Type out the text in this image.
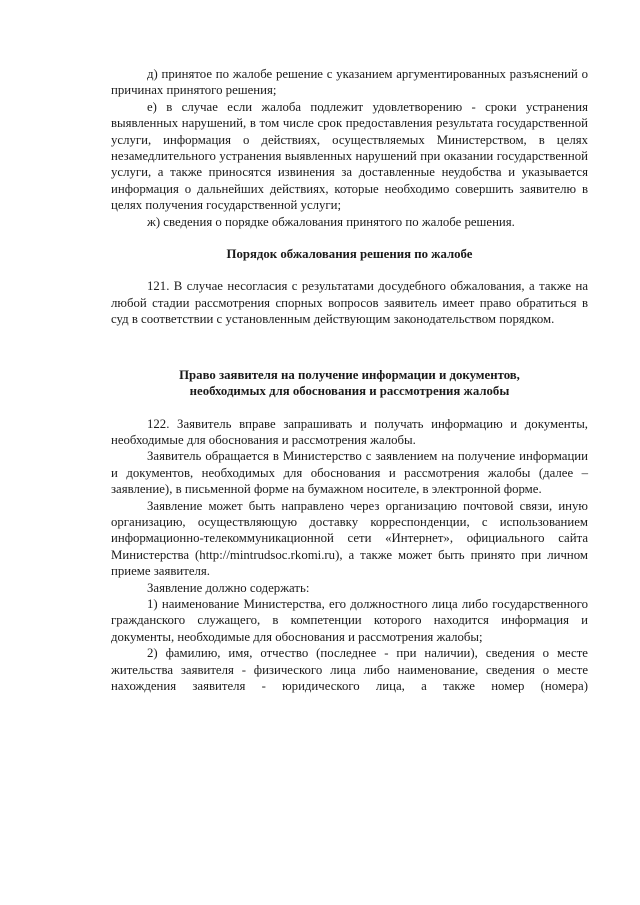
д) принятое по жалобе решение с указанием аргументированных разъяснений о причинах принятого решения;

е) в случае если жалоба подлежит удовлетворению - сроки устранения выявленных нарушений, в том числе срок предоставления результата государственной услуги, информация о действиях, осуществляемых Министерством, в целях незамедлительного устранения выявленных нарушений при оказании государственной услуги, а также приносятся извинения за доставленные неудобства и указывается информация о дальнейших действиях, которые необходимо совершить заявителю в целях получения государственной услуги;

ж) сведения о порядке обжалования принятого по жалобе решения.

Порядок обжалования решения по жалобе

121. В случае несогласия с результатами досудебного обжалования, а также на любой стадии рассмотрения спорных вопросов заявитель имеет право обратиться в суд в соответствии с установленным действующим законодательством порядком.

Право заявителя на получение информации и документов,

необходимых для обоснования и рассмотрения жалобы

122. Заявитель вправе запрашивать и получать информацию и документы, необходимые для обоснования и рассмотрения жалобы.

Заявитель обращается в Министерство с заявлением на получение информации и документов, необходимых для обоснования и рассмотрения жалобы (далее – заявление), в письменной форме на бумажном носителе, в электронной форме.

Заявление может быть направлено через организацию почтовой связи, иную организацию, осуществляющую доставку корреспонденции, с использованием информационно-телекоммуникационной сети «Интернет», официального сайта Министерства (http://mintrudsoc.rkomi.ru), а также может быть принято при личном приеме заявителя.

Заявление должно содержать:

1) наименование Министерства, его должностного лица либо государственного гражданского служащего, в компетенции которого находится информация и документы, необходимые для обоснования и рассмотрения жалобы;

2) фамилию, имя, отчество (последнее - при наличии), сведения о месте жительства заявителя - физического лица либо наименование, сведения о месте нахождения заявителя - юридического лица, а также номер (номера)
